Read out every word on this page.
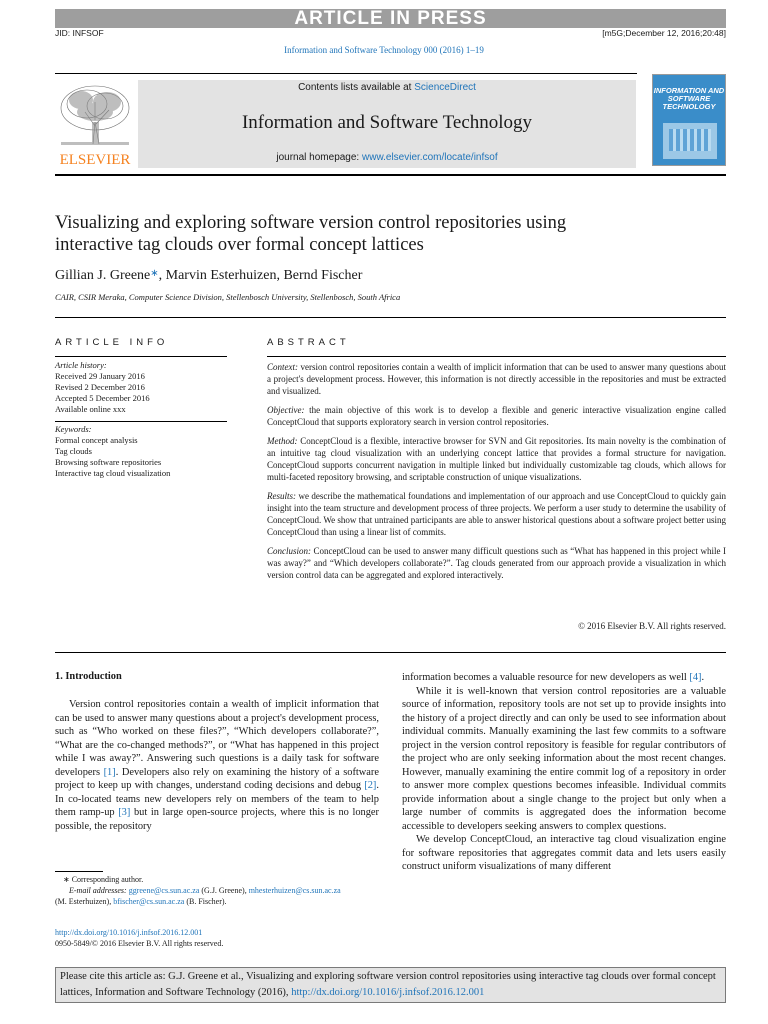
ARTICLE IN PRESS
JID: INFSOF	[m5G;December 12, 2016;20:48]
Information and Software Technology 000 (2016) 1–19
ELSEVIER
Contents lists available at ScienceDirect
Information and Software Technology
journal homepage: www.elsevier.com/locate/infsof
INFORMATION AND SOFTWARE TECHNOLOGY
Visualizing and exploring software version control repositories using
interactive tag clouds over formal concept lattices
Gillian J. Greene∗, Marvin Esterhuizen, Bernd Fischer
CAIR, CSIR Meraka, Computer Science Division, Stellenbosch University, Stellenbosch, South Africa
ARTICLE INFO	ABSTRACT
Article history:
Received 29 January 2016
Revised 2 December 2016
Accepted 5 December 2016
Available online xxx
Keywords:
Formal concept analysis
Tag clouds
Browsing software repositories
Interactive tag cloud visualization

Context: version control repositories contain a wealth of implicit information that can be used to answer many questions about a project's development process. However, this information is not directly accessible in the repositories and must be extracted and visualized.

Objective: the main objective of this work is to develop a flexible and generic interactive visualization engine called ConceptCloud that supports exploratory search in version control repositories.

Method: ConceptCloud is a flexible, interactive browser for SVN and Git repositories. Its main novelty is the combination of an intuitive tag cloud visualization with an underlying concept lattice that provides a formal structure for navigation. ConceptCloud supports concurrent navigation in multiple linked but individually customizable tag clouds, which allows for multi-faceted repository browsing, and scriptable construction of unique visualizations.

Results: we describe the mathematical foundations and implementation of our approach and use ConceptCloud to quickly gain insight into the team structure and development process of three projects. We perform a user study to determine the usability of ConceptCloud. We show that untrained participants are able to answer historical questions about a software project better using ConceptCloud than using a linear list of commits.

Conclusion: ConceptCloud can be used to answer many difficult questions such as “What has happened in this project while I was away?” and “Which developers collaborate?”. Tag clouds generated from our approach provide a visualization in which version control data can be aggregated and explored interactively.

© 2016 Elsevier B.V. All rights reserved.
1. Introduction

Version control repositories contain a wealth of implicit information that can be used to answer many questions about a project's development process, such as “Who worked on these files?”, “Which developers collaborate?”, “What are the co-changed methods?”, or “What has happened in this project while I was away?”. Answering such questions is a daily task for software developers [1]. Developers also rely on examining the history of a software project to keep up with changes, understand coding decisions and debug [2]. In co-located teams new developers rely on members of the team to help them ramp-up [3] but in large open-source projects, where this is no longer possible, the repository

information becomes a valuable resource for new developers as well [4].

While it is well-known that version control repositories are a valuable source of information, repository tools are not set up to provide insights into the history of a project directly and can only be used to see information about individual commits. Manually examining the last few commits to a software project in the version control repository is feasible for regular contributors of the project who are only seeking information about the most recent changes. However, manually examining the entire commit log of a repository in order to answer more complex questions becomes infeasible. Individual commits provide information about a single change to the project but only when a large number of commits is aggregated does the information become accessible to developers seeking answers to complex questions.

We develop ConceptCloud, an interactive tag cloud visualization engine for software repositories that aggregates commit data and lets users easily construct uniform visualizations of many different

∗ Corresponding author.
E-mail addresses: ggreene@cs.sun.ac.za (G.J. Greene), mhesterhuizen@cs.sun.ac.za
(M. Esterhuizen), bfischer@cs.sun.ac.za (B. Fischer).
http://dx.doi.org/10.1016/j.infsof.2016.12.001
0950-5849/© 2016 Elsevier B.V. All rights reserved.
Please cite this article as: G.J. Greene et al., Visualizing and exploring software version control repositories using interactive tag clouds over formal concept lattices, Information and Software Technology (2016), http://dx.doi.org/10.1016/j.infsof.2016.12.001
